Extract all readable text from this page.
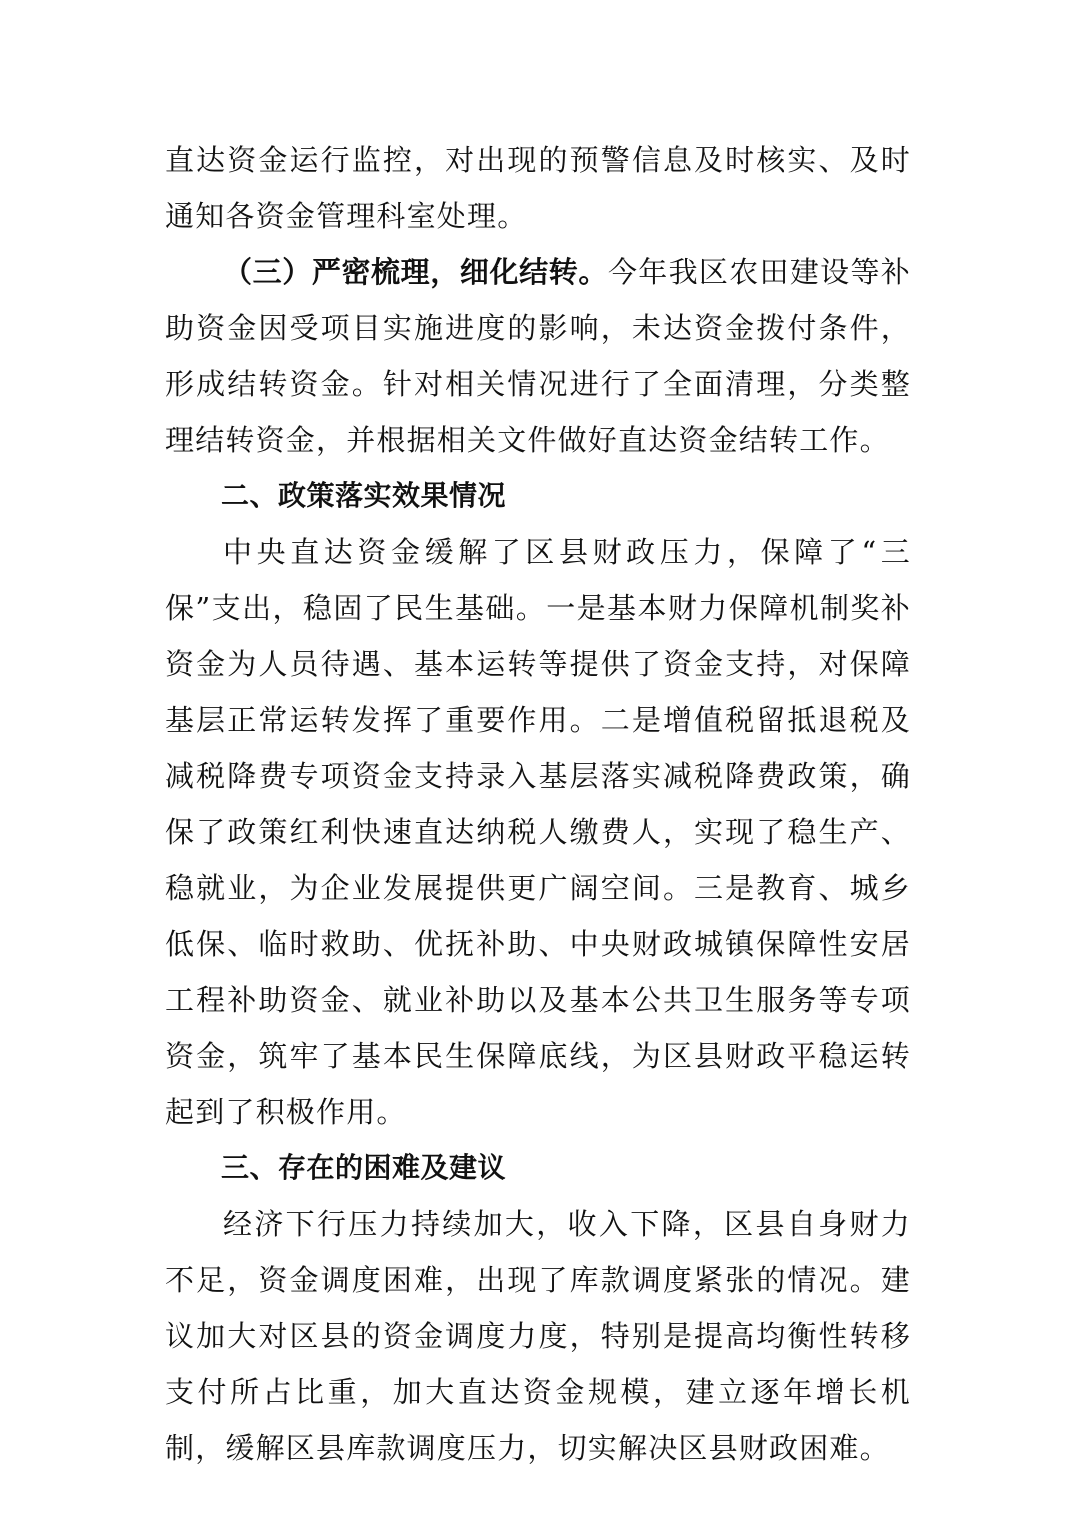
直达资金运行监控，对出现的预警信息及时核实、及时通知各资金管理科室处理。

（三）严密梳理，细化结转。今年我区农田建设等补助资金因受项目实施进度的影响，未达资金拨付条件，形成结转资金。针对相关情况进行了全面清理，分类整理结转资金，并根据相关文件做好直达资金结转工作。

二、政策落实效果情况

中央直达资金缓解了区县财政压力，保障了“三保”支出，稳固了民生基础。一是基本财力保障机制奖补资金为人员待遇、基本运转等提供了资金支持，对保障基层正常运转发挥了重要作用。二是增值税留抵退税及减税降费专项资金支持录入基层落实减税降费政策，确保了政策红利快速直达纳税人缴费人，实现了稳生产、稳就业，为企业发展提供更广阔空间。三是教育、城乡低保、临时救助、优抚补助、中央财政城镇保障性安居工程补助资金、就业补助以及基本公共卫生服务等专项资金，筑牢了基本民生保障底线，为区县财政平稳运转起到了积极作用。

三、存在的困难及建议

经济下行压力持续加大，收入下降，区县自身财力不足，资金调度困难，出现了库款调度紧张的情况。建议加大对区县的资金调度力度，特别是提高均衡性转移支付所占比重，加大直达资金规模，建立逐年增长机制，缓解区县库款调度压力，切实解决区县财政困难。
